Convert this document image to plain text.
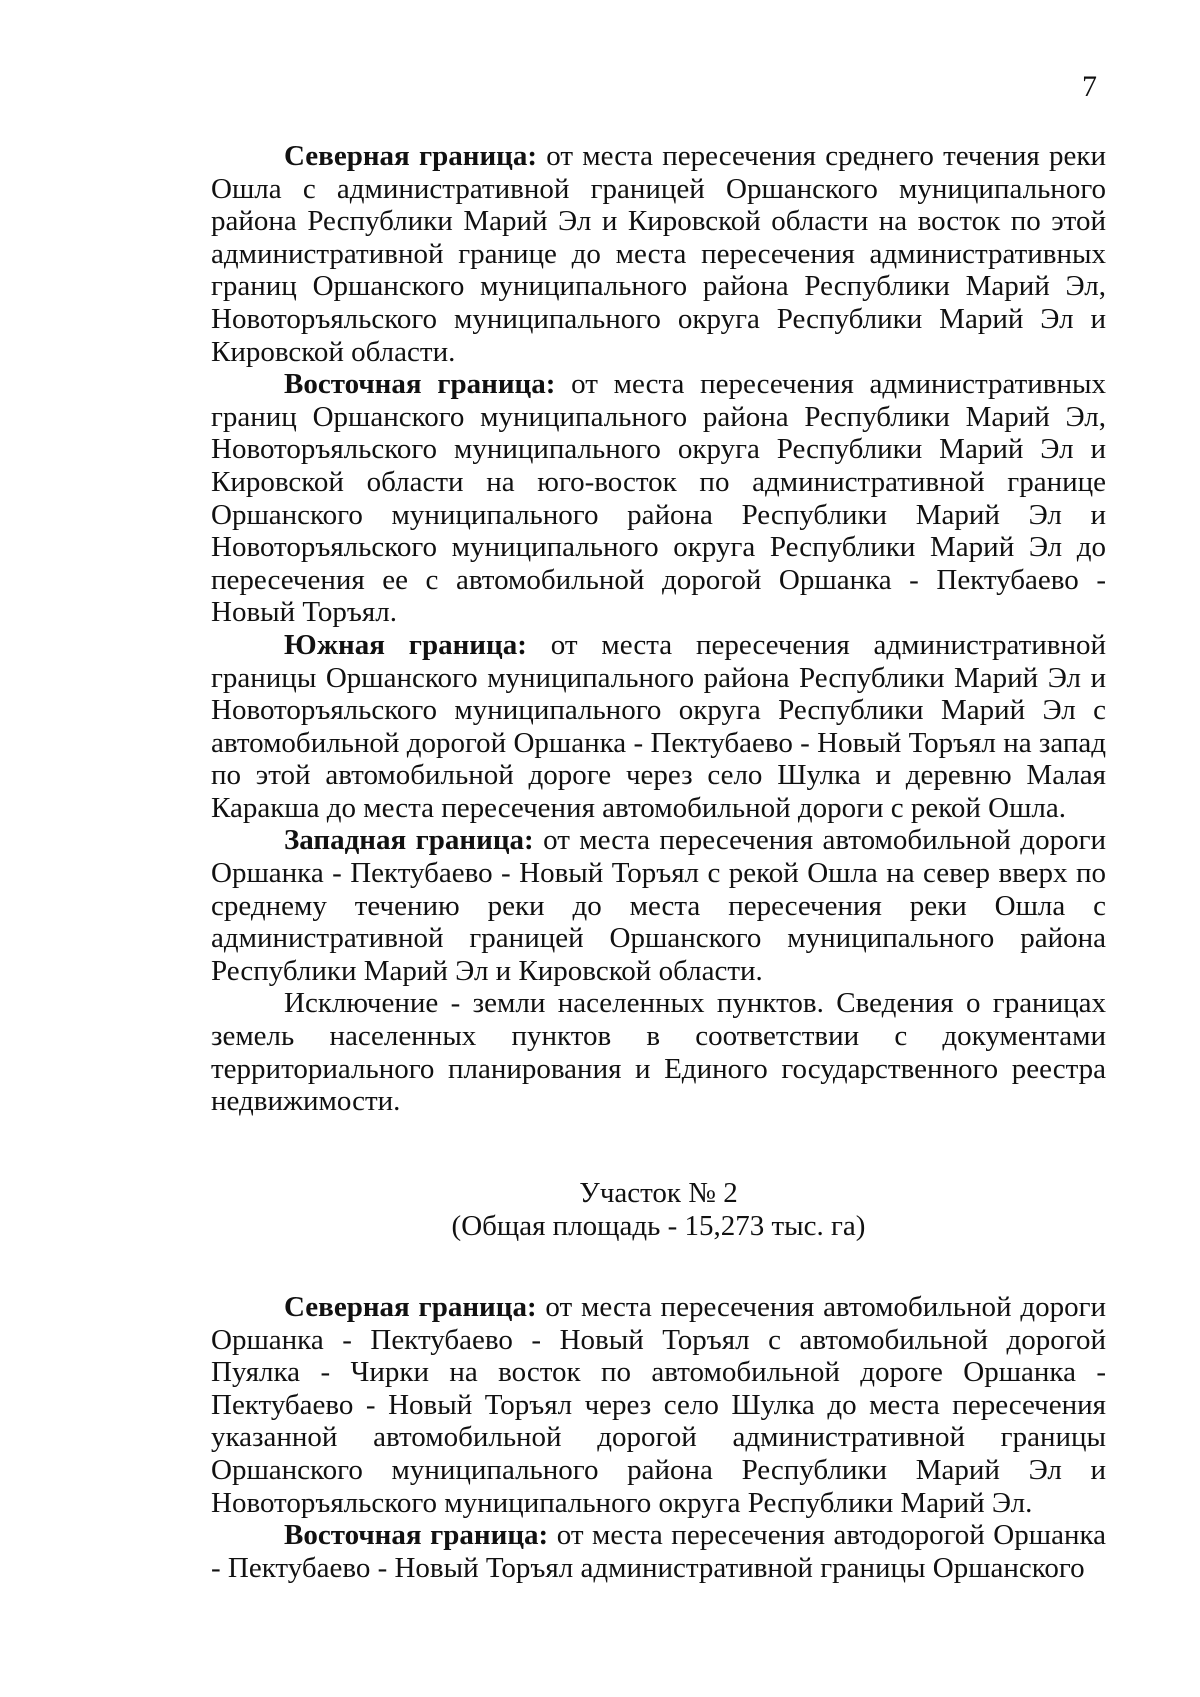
7

Северная граница: от места пересечения среднего течения реки Ошла с административной границей Оршанского муниципального района Республики Марий Эл и Кировской области на восток по этой административной границе до места пересечения административных границ Оршанского муниципального района Республики Марий Эл, Новоторъяльского муниципального округа Республики Марий Эл и Кировской области.

Восточная граница: от места пересечения административных границ Оршанского муниципального района Республики Марий Эл, Новоторъяльского муниципального округа Республики Марий Эл и Кировской области на юго-восток по административной границе Оршанского муниципального района Республики Марий Эл и Новоторъяльского муниципального округа Республики Марий Эл до пересечения ее с автомобильной дорогой Оршанка - Пектубаево - Новый Торъял.

Южная граница: от места пересечения административной границы Оршанского муниципального района Республики Марий Эл и Новоторъяльского муниципального округа Республики Марий Эл с автомобильной дорогой Оршанка - Пектубаево - Новый Торъял на запад по этой автомобильной дороге через село Шулка и деревню Малая Каракша до места пересечения автомобильной дороги с рекой Ошла.

Западная граница: от места пересечения автомобильной дороги Оршанка - Пектубаево - Новый Торъял с рекой Ошла на север вверх по среднему течению реки до места пересечения реки Ошла с административной границей Оршанского муниципального района Республики Марий Эл и Кировской области.

Исключение - земли населенных пунктов. Сведения о границах земель населенных пунктов в соответствии с документами территориального планирования и Единого государственного реестра недвижимости.

Участок № 2
(Общая площадь - 15,273 тыс. га)

Северная граница: от места пересечения автомобильной дороги Оршанка - Пектубаево - Новый Торъял с автомобильной дорогой Пуялка - Чирки на восток по автомобильной дороге Оршанка - Пектубаево - Новый Торъял через село Шулка до места пересечения указанной автомобильной дорогой административной границы Оршанского муниципального района Республики Марий Эл и Новоторъяльского муниципального округа Республики Марий Эл.

Восточная граница: от места пересечения автодорогой Оршанка - Пектубаево - Новый Торъял административной границы Оршанского
